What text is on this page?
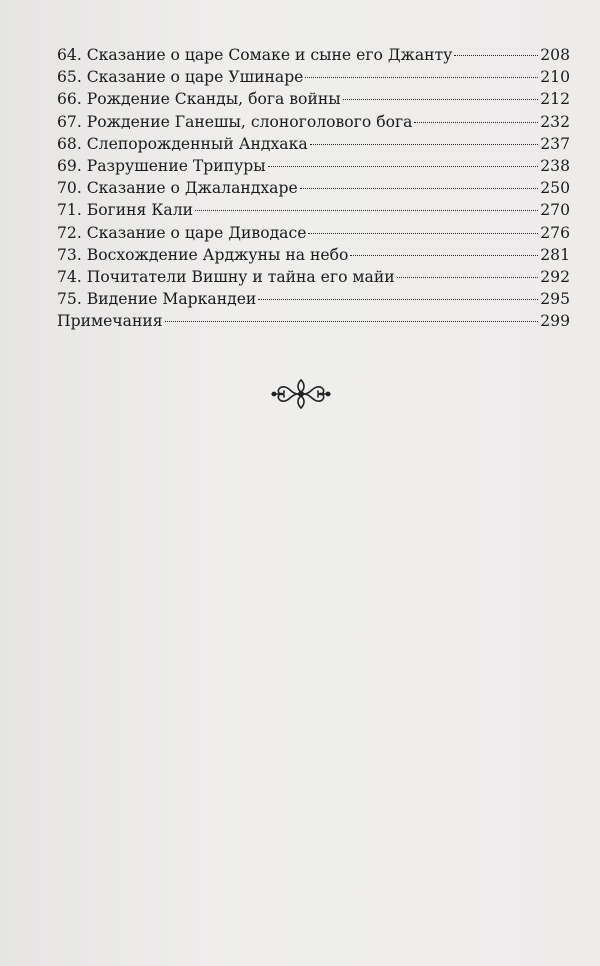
64. Сказание о царе Сомаке и сыне его Джанту	208
65. Сказание о царе Ушинаре	210
66. Рождение Сканды, бога войны	212
67. Рождение Ганешы, слоноголового бога	232
68. Слепорожденный Андхака	237
69. Разрушение Трипуры	238
70. Сказание о Джаландхаре	250
71. Богиня Кали	270
72. Сказание о царе Диводасе	276
73. Восхождение Арджуны на небо	281
74. Почитатели Вишну и тайна его майи	292
75. Видение Маркандеи	295
Примечания	299
